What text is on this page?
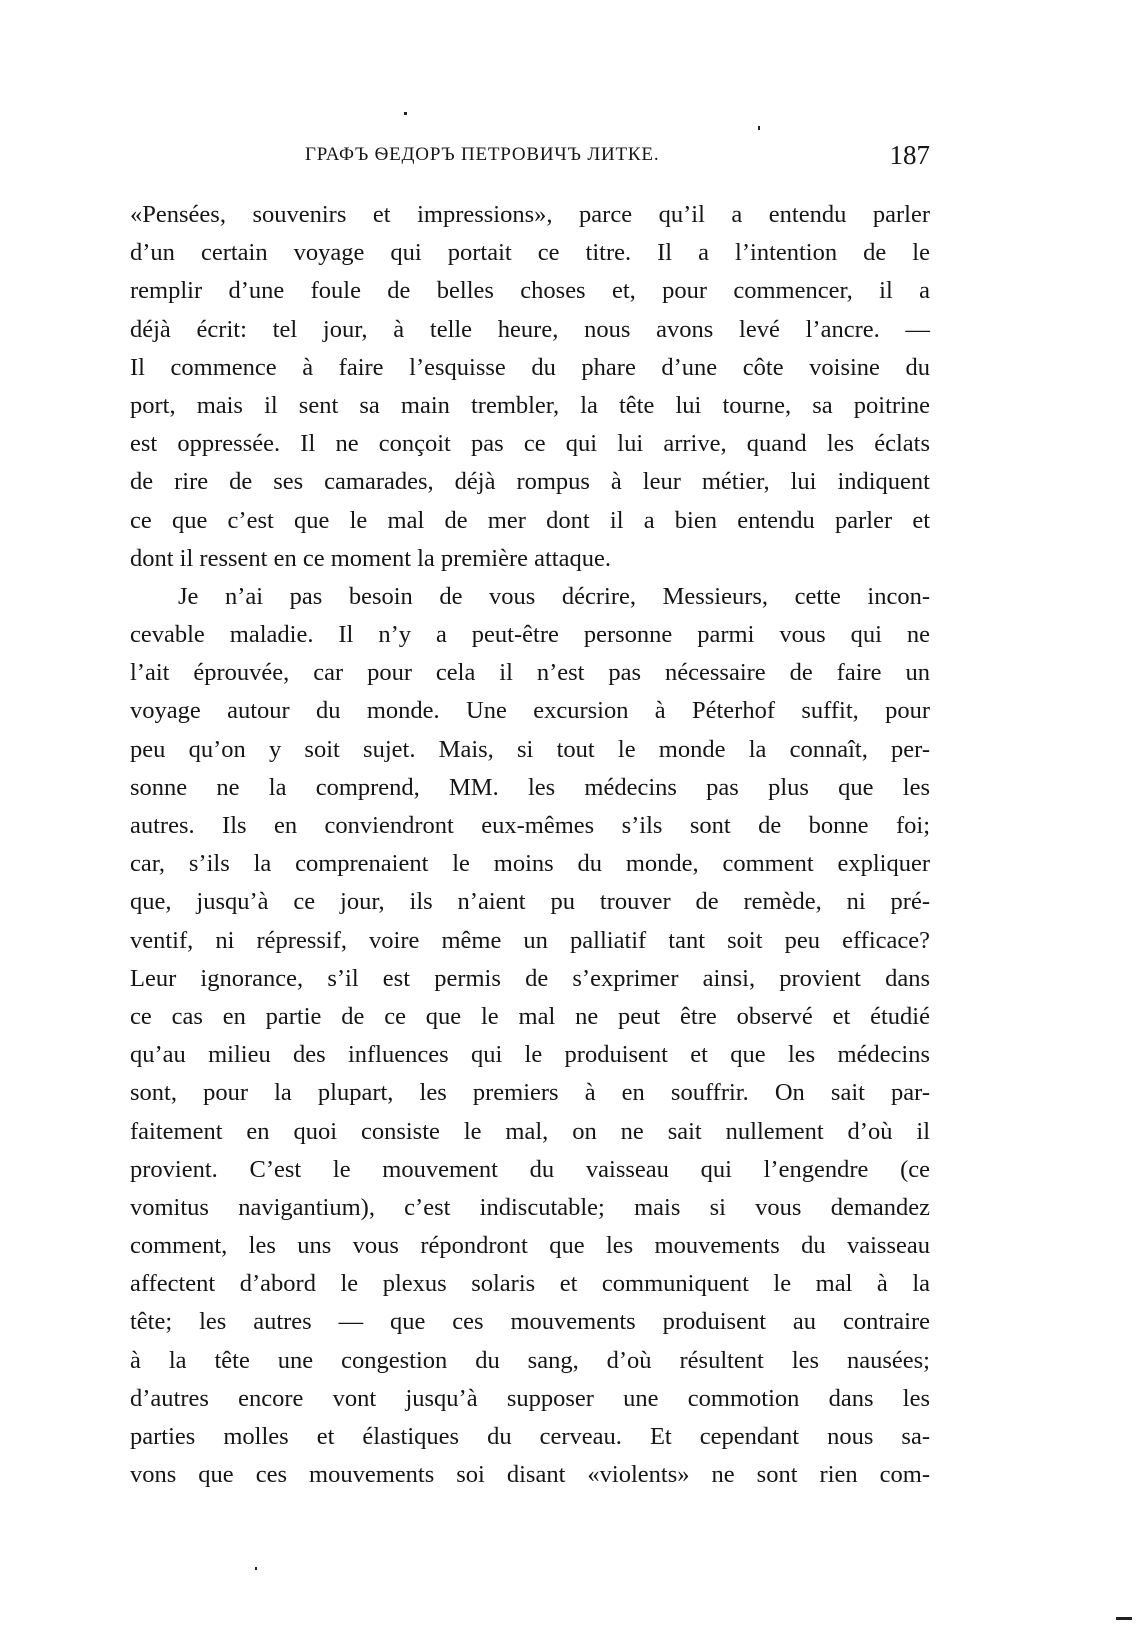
ГРАФЪ ѲЕДОРЪ ПЕТРОВИЧЪ ЛИТКЕ.	187
«Pensées, souvenirs et impressions», parce qu’il a entendu parler
d’un certain voyage qui portait ce titre. Il a l’intention de le
remplir d’une foule de belles choses et, pour commencer, il a
déjà écrit: tel jour, à telle heure, nous avons levé l’ancre. —
Il commence à faire l’esquisse du phare d’une côte voisine du
port, mais il sent sa main trembler, la tête lui tourne, sa poitrine
est oppressée. Il ne conçoit pas ce qui lui arrive, quand les éclats
de rire de ses camarades, déjà rompus à leur métier, lui indiquent
ce que c’est que le mal de mer dont il a bien entendu parler et
dont il ressent en ce moment la première attaque.
Je n’ai pas besoin de vous décrire, Messieurs, cette incon-
cevable maladie. Il n’y a peut-être personne parmi vous qui ne
l’ait éprouvée, car pour cela il n’est pas nécessaire de faire un
voyage autour du monde. Une excursion à Péterhof suffit, pour
peu qu’on y soit sujet. Mais, si tout le monde la connaît, per-
sonne ne la comprend, MM. les médecins pas plus que les
autres. Ils en conviendront eux-mêmes s’ils sont de bonne foi;
car, s’ils la comprenaient le moins du monde, comment expliquer
que, jusqu’à ce jour, ils n’aient pu trouver de remède, ni pré-
ventif, ni répressif, voire même un palliatif tant soit peu efficace?
Leur ignorance, s’il est permis de s’exprimer ainsi, provient dans
ce cas en partie de ce que le mal ne peut être observé et étudié
qu’au milieu des influences qui le produisent et que les médecins
sont, pour la plupart, les premiers à en souffrir. On sait par-
faitement en quoi consiste le mal, on ne sait nullement d’où il
provient. C’est le mouvement du vaisseau qui l’engendre (ce
vomitus navigantium), c’est indiscutable; mais si vous demandez
comment, les uns vous répondront que les mouvements du vaisseau
affectent d’abord le plexus solaris et communiquent le mal à la
tête; les autres — que ces mouvements produisent au contraire
à la tête une congestion du sang, d’où résultent les nausées;
d’autres encore vont jusqu’à supposer une commotion dans les
parties molles et élastiques du cerveau. Et cependant nous sa-
vons que ces mouvements soi disant «violents» ne sont rien com-
